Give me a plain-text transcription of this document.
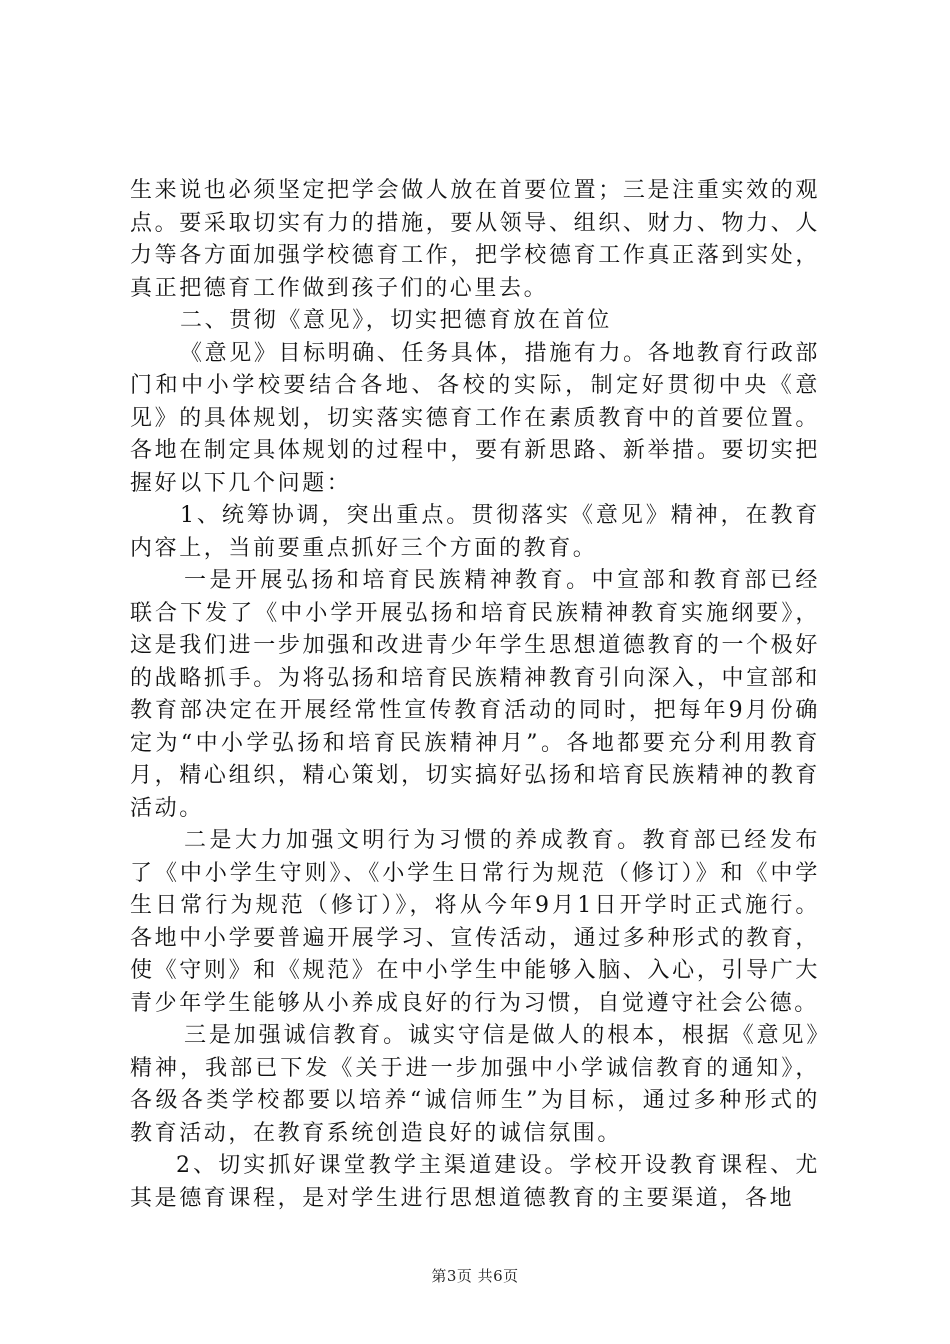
生来说也必须坚定把学会做人放在首要位置；三是注重实效的观点。要采取切实有力的措施，要从领导、组织、财力、物力、人力等各方面加强学校德育工作，把学校德育工作真正落到实处，真正把德育工作做到孩子们的心里去。

二、贯彻《意见》，切实把德育放在首位

《意见》目标明确、任务具体，措施有力。各地教育行政部门和中小学校要结合各地、各校的实际，制定好贯彻中央《意见》的具体规划，切实落实德育工作在素质教育中的首要位置。各地在制定具体规划的过程中，要有新思路、新举措。要切实把握好以下几个问题：

1、统筹协调，突出重点。贯彻落实《意见》精神，在教育内容上，当前要重点抓好三个方面的教育。

一是开展弘扬和培育民族精神教育。中宣部和教育部已经联合下发了《中小学开展弘扬和培育民族精神教育实施纲要》，这是我们进一步加强和改进青少年学生思想道德教育的一个极好的战略抓手。为将弘扬和培育民族精神教育引向深入，中宣部和教育部决定在开展经常性宣传教育活动的同时，把每年9月份确定为“中小学弘扬和培育民族精神月”。各地都要充分利用教育月，精心组织，精心策划，切实搞好弘扬和培育民族精神的教育活动。

二是大力加强文明行为习惯的养成教育。教育部已经发布了《中小学生守则》、《小学生日常行为规范（修订）》和《中学生日常行为规范（修订）》，将从今年9月1日开学时正式施行。各地中小学要普遍开展学习、宣传活动，通过多种形式的教育，使《守则》和《规范》在中小学生中能够入脑、入心，引导广大青少年学生能够从小养成良好的行为习惯，自觉遵守社会公德。

三是加强诚信教育。诚实守信是做人的根本，根据《意见》精神，我部已下发《关于进一步加强中小学诚信教育的通知》，各级各类学校都要以培养“诚信师生”为目标，通过多种形式的教育活动，在教育系统创造良好的诚信氛围。

2、切实抓好课堂教学主渠道建设。学校开设教育课程、尤其是德育课程，是对学生进行思想道德教育的主要渠道，各地

第3页 共6页
